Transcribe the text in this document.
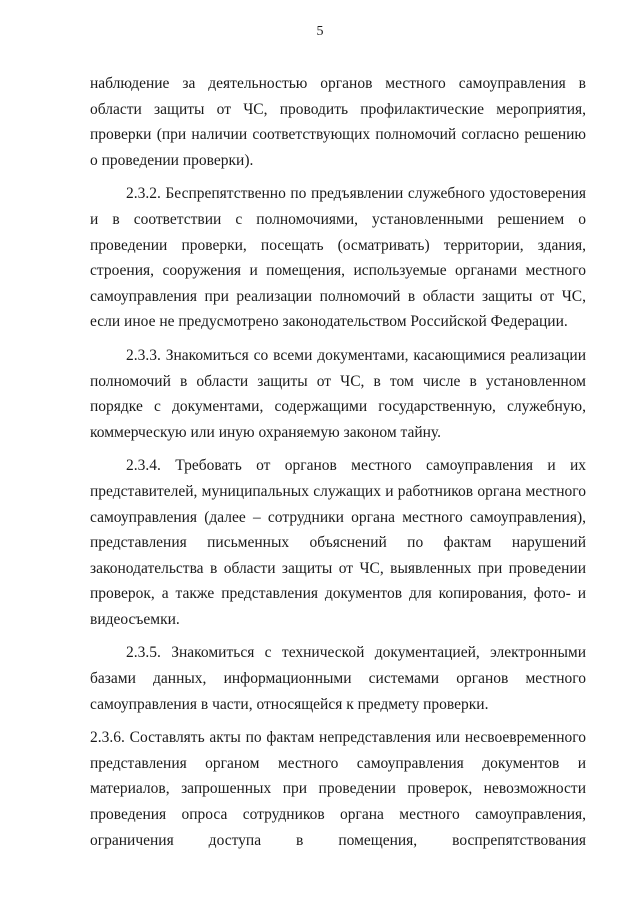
5

наблюдение за деятельностью органов местного самоуправления в области защиты от ЧС, проводить профилактические мероприятия, проверки (при наличии соответствующих полномочий согласно решению о проведении проверки).

2.3.2. Беспрепятственно по предъявлении служебного удостоверения и в соответствии с полномочиями, установленными решением о проведении проверки, посещать (осматривать) территории, здания, строения, сооружения и помещения, используемые органами местного самоуправления при реализации полномочий в области защиты от ЧС, если иное не предусмотрено законодательством Российской Федерации.

2.3.3. Знакомиться со всеми документами, касающимися реализации полномочий в области защиты от ЧС, в том числе в установленном порядке с документами, содержащими государственную, служебную, коммерческую или иную охраняемую законом тайну.

2.3.4. Требовать от органов местного самоуправления и их представителей, муниципальных служащих и работников органа местного самоуправления (далее – сотрудники органа местного самоуправления), представления письменных объяснений по фактам нарушений законодательства в области защиты от ЧС, выявленных при проведении проверок, а также представления документов для копирования, фото- и видеосъемки.

2.3.5. Знакомиться с технической документацией, электронными базами данных, информационными системами органов местного самоуправления в части, относящейся к предмету проверки.

2.3.6. Составлять акты по фактам непредставления или несвоевременного представления органом местного самоуправления документов и материалов, запрошенных при проведении проверок, невозможности проведения опроса сотрудников органа местного самоуправления, ограничения доступа в помещения, воспрепятствования
